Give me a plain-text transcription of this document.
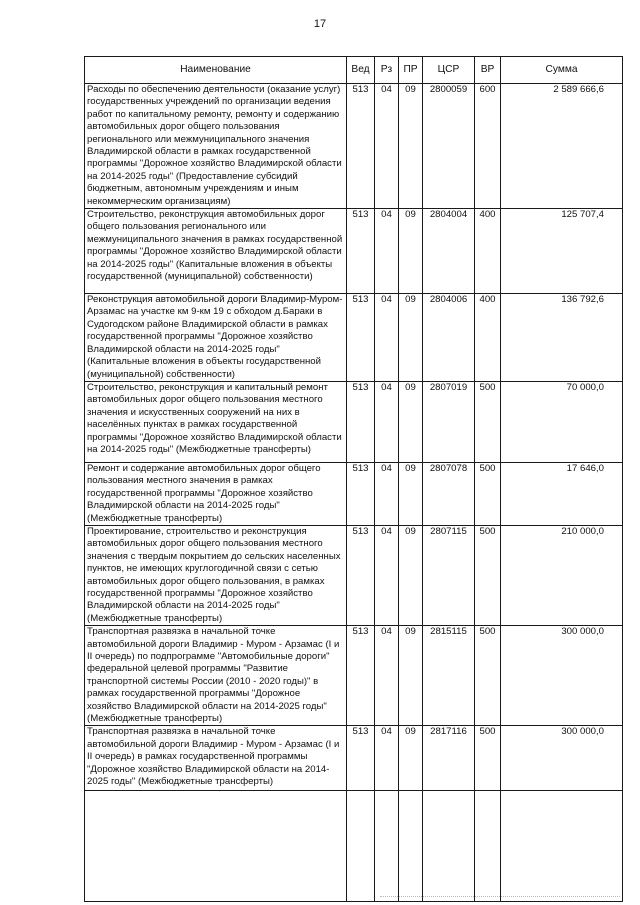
17
Наименование	Вед	Рз	ПР	ЦСР	ВР	Сумма
Расходы по обеспечению деятельности (оказание услуг) государственных учреждений по организации ведения работ по капитальному ремонту, ремонту и содержанию автомобильных дорог общего пользования регионального или межмуниципального значения Владимирской области в рамках государственной программы "Дорожное хозяйство Владимирской области на 2014-2025 годы" (Предоставление субсидий бюджетным, автономным учреждениям и иным некоммерческим организациям)	513	04	09	2800059	600	2 589 666,6
Строительство, реконструкция автомобильных дорог общего пользования регионального или межмуниципального значения в рамках государственной программы "Дорожное хозяйство Владимирской области на 2014-2025 годы" (Капитальные вложения в объекты государственной (муниципальной) собственности)	513	04	09	2804004	400	125 707,4
Реконструкция автомобильной дороги Владимир-Муром-Арзамас на участке км 9-км 19 с обходом д.Бараки в Судогодском районе Владимирской области в рамках государственной программы "Дорожное хозяйство Владимирской области на 2014-2025 годы" (Капитальные вложения в объекты государственной (муниципальной) собственности)	513	04	09	2804006	400	136 792,6
Строительство, реконструкция и капитальный ремонт автомобильных дорог общего пользования местного значения и искусственных сооружений на них в населённых пунктах в рамках государственной программы "Дорожное хозяйство Владимирской области на 2014-2025 годы" (Межбюджетные трансферты)	513	04	09	2807019	500	70 000,0
Ремонт и содержание автомобильных дорог общего пользования местного значения в рамках государственной программы "Дорожное хозяйство Владимирской области на 2014-2025 годы" (Межбюджетные трансферты)	513	04	09	2807078	500	17 646,0
Проектирование, строительство и реконструкция автомобильных дорог общего пользования местного значения с твердым покрытием до сельских населенных пунктов, не имеющих круглогодичной связи с сетью автомобильных дорог общего пользования, в рамках государственной программы "Дорожное хозяйство Владимирской области на 2014-2025 годы" (Межбюджетные трансферты)	513	04	09	2807115	500	210 000,0
Транспортная развязка в начальной точке автомобильной дороги Владимир - Муром - Арзамас (I и II очередь) по подпрограмме "Автомобильные дороги" федеральной целевой программы "Развитие транспортной системы России (2010 - 2020 годы)" в рамках государственной программы "Дорожное хозяйство Владимирской области на 2014-2025 годы" (Межбюджетные трансферты)	513	04	09	2815115	500	300 000,0
Транспортная развязка в начальной точке автомобильной дороги Владимир - Муром - Арзамас (I и II очередь) в рамках государственной программы "Дорожное хозяйство Владимирской области на 2014-2025 годы" (Межбюджетные трансферты)	513	04	09	2817116	500	300 000,0
